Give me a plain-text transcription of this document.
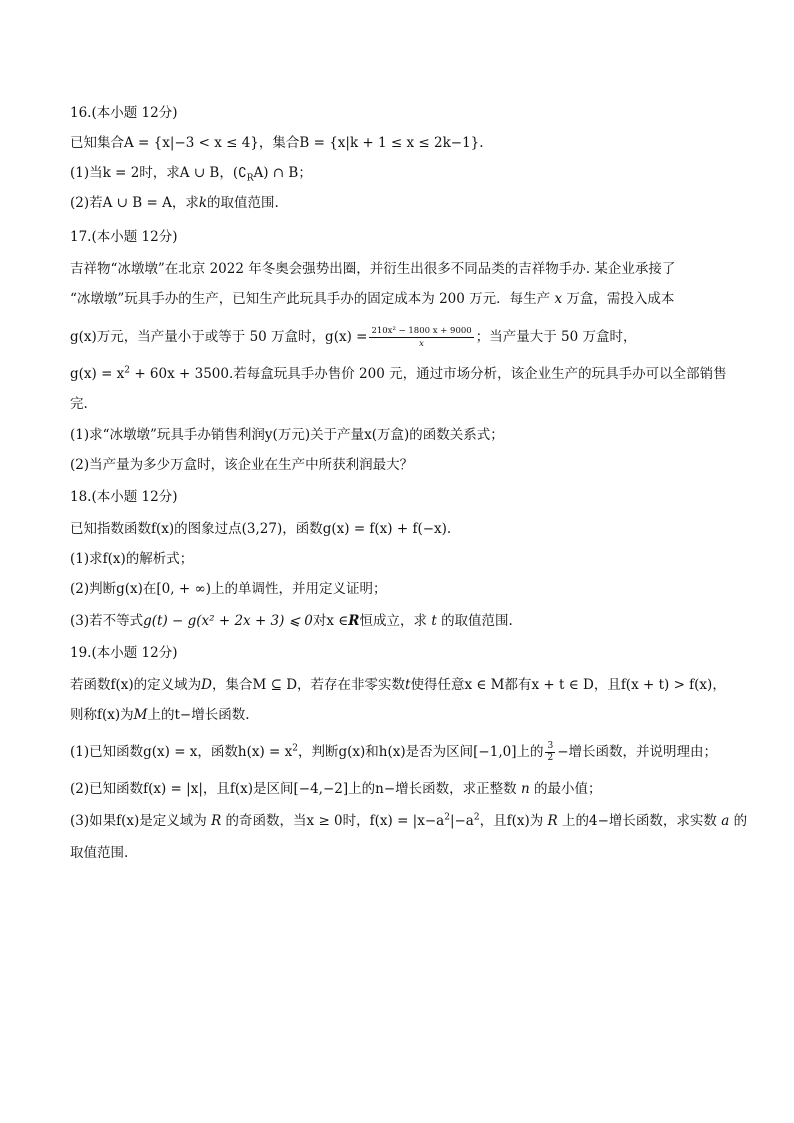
16.(本小题 12分)
已知集合A = {x|−3 < x ≤ 4}，集合B = {x|k + 1 ≤ x ≤ 2k−1}.
(1)当k = 2时，求A ∪ B，$(∁_RA)$ ∩ B；
(2)若A ∪ B = A，求k的取值范围.
17.(本小题 12分)
吉祥物“冰墩墩”在北京 2022 年冬奥会强势出圈，并衍生出很多不同品类的吉祥物手办. 某企业承接了
“冰墩墩”玩具手办的生产，已知生产此玩具手办的固定成本为 200 万元．每生产 x 万盒，需投入成本
g(x)万元，当产量小于或等于 50 万盒时，$g(x) = \frac{\text{210x² − 1800 x + 9000}}{x}$ ；当产量大于 50 万盒时，
$g(x) = x^2 + 60x + 3500$.若每盒玩具手办售价 200 元，通过市场分析，该企业生产的玩具手办可以全部销售
完.
(1)求“冰墩墩”玩具手办销售利润y(万元)关于产量x(万盒)的函数关系式；
(2)当产量为多少万盒时，该企业在生产中所获利润最大？
18.(本小题 12分)
已知指数函数f(x)的图象过点(3,27)，函数g(x) = f(x) + f(−x).
(1)求f(x)的解析式；
(2)判断g(x)在[0, + ∞)上的单调性，并用定义证明；
(3)若不等式g(t) − g(x² + 2x + 3) ⩽ 0对x ∈R恒成立，求 t 的取值范围.
19.(本小题 12分)
若函数f(x)的定义域为D，集合M ⊆ D，若存在非零实数t使得任意x ∈ M都有x + t ∈ D，且f(x + t) > f(x)，
则称f(x)为M上的t−增长函数.
(1)已知函数g(x) = x，函数$h(x) = x^2$，判断g(x)和h(x)是否为区间[−1,0]上的 $\frac{3}{2}$ −增长函数，并说明理由；
(2)已知函数f(x) = |x|，且f(x)是区间[−4,−2]上的n−增长函数，求正整数 n 的最小值；
(3)如果f(x)是定义域为 R 的奇函数，当x ≥ 0时，$f(x) = |x-a^2|-a^2$，且f(x)为 R 上的4−增长函数，求实数 a 的
取值范围.
